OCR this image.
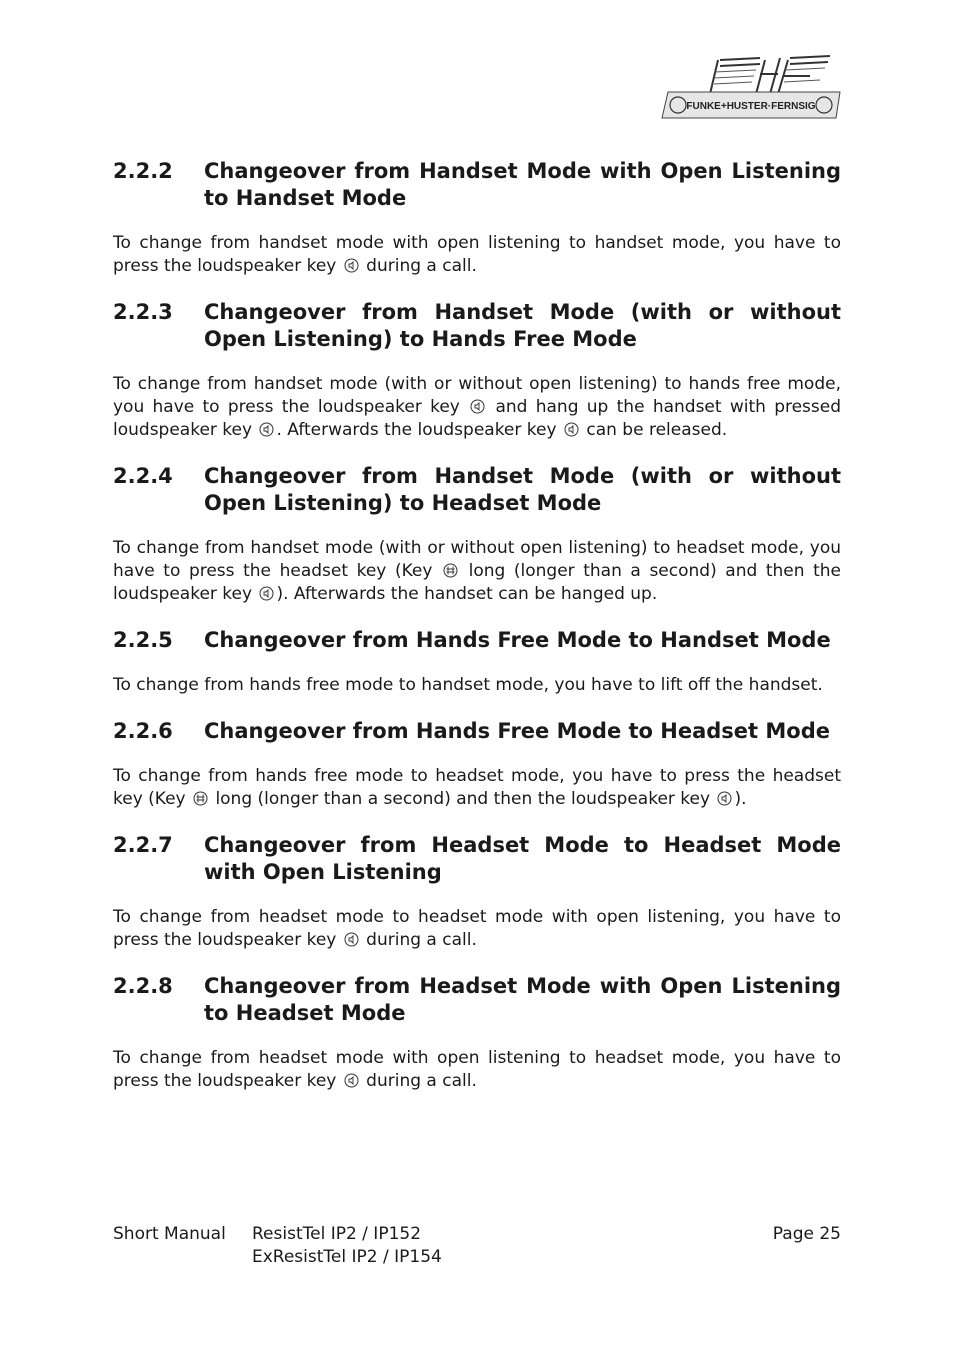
FUNKE+HUSTER·FERNSIG
2.2.2	Changeover from Handset Mode with Open Listening to Handset Mode

To change from handset mode with open listening to handset mode, you have to press the loudspeaker key during a call.

2.2.3	Changeover from Handset Mode (with or without Open Listening) to Hands Free Mode

To change from handset mode (with or without open listening) to hands free mode, you have to press the loudspeaker key and hang up the handset with pressed loudspeaker key . Afterwards the loudspeaker key can be released.

2.2.4	Changeover from Handset Mode (with or without Open Listening) to Headset Mode

To change from handset mode (with or without open listening) to headset mode, you have to press the headset key (Key long (longer than a second) and then the loudspeaker key ). Afterwards the handset can be hanged up.

2.2.5	Changeover from Hands Free Mode to Handset Mode

To change from hands free mode to handset mode, you have to lift off the handset.

2.2.6	Changeover from Hands Free Mode to Headset Mode

To change from hands free mode to headset mode, you have to press the headset key (Key long (longer than a second) and then the loudspeaker key ).

2.2.7	Changeover from Headset Mode to Headset Mode with Open Listening

To change from headset mode to headset mode with open listening, you have to press the loudspeaker key during a call.

2.2.8	Changeover from Headset Mode with Open Listening to Headset Mode

To change from headset mode with open listening to headset mode, you have to press the loudspeaker key during a call.

Short Manual ResistTel IP2 / IP152
ExResistTel IP2 / IP154
Page 25
